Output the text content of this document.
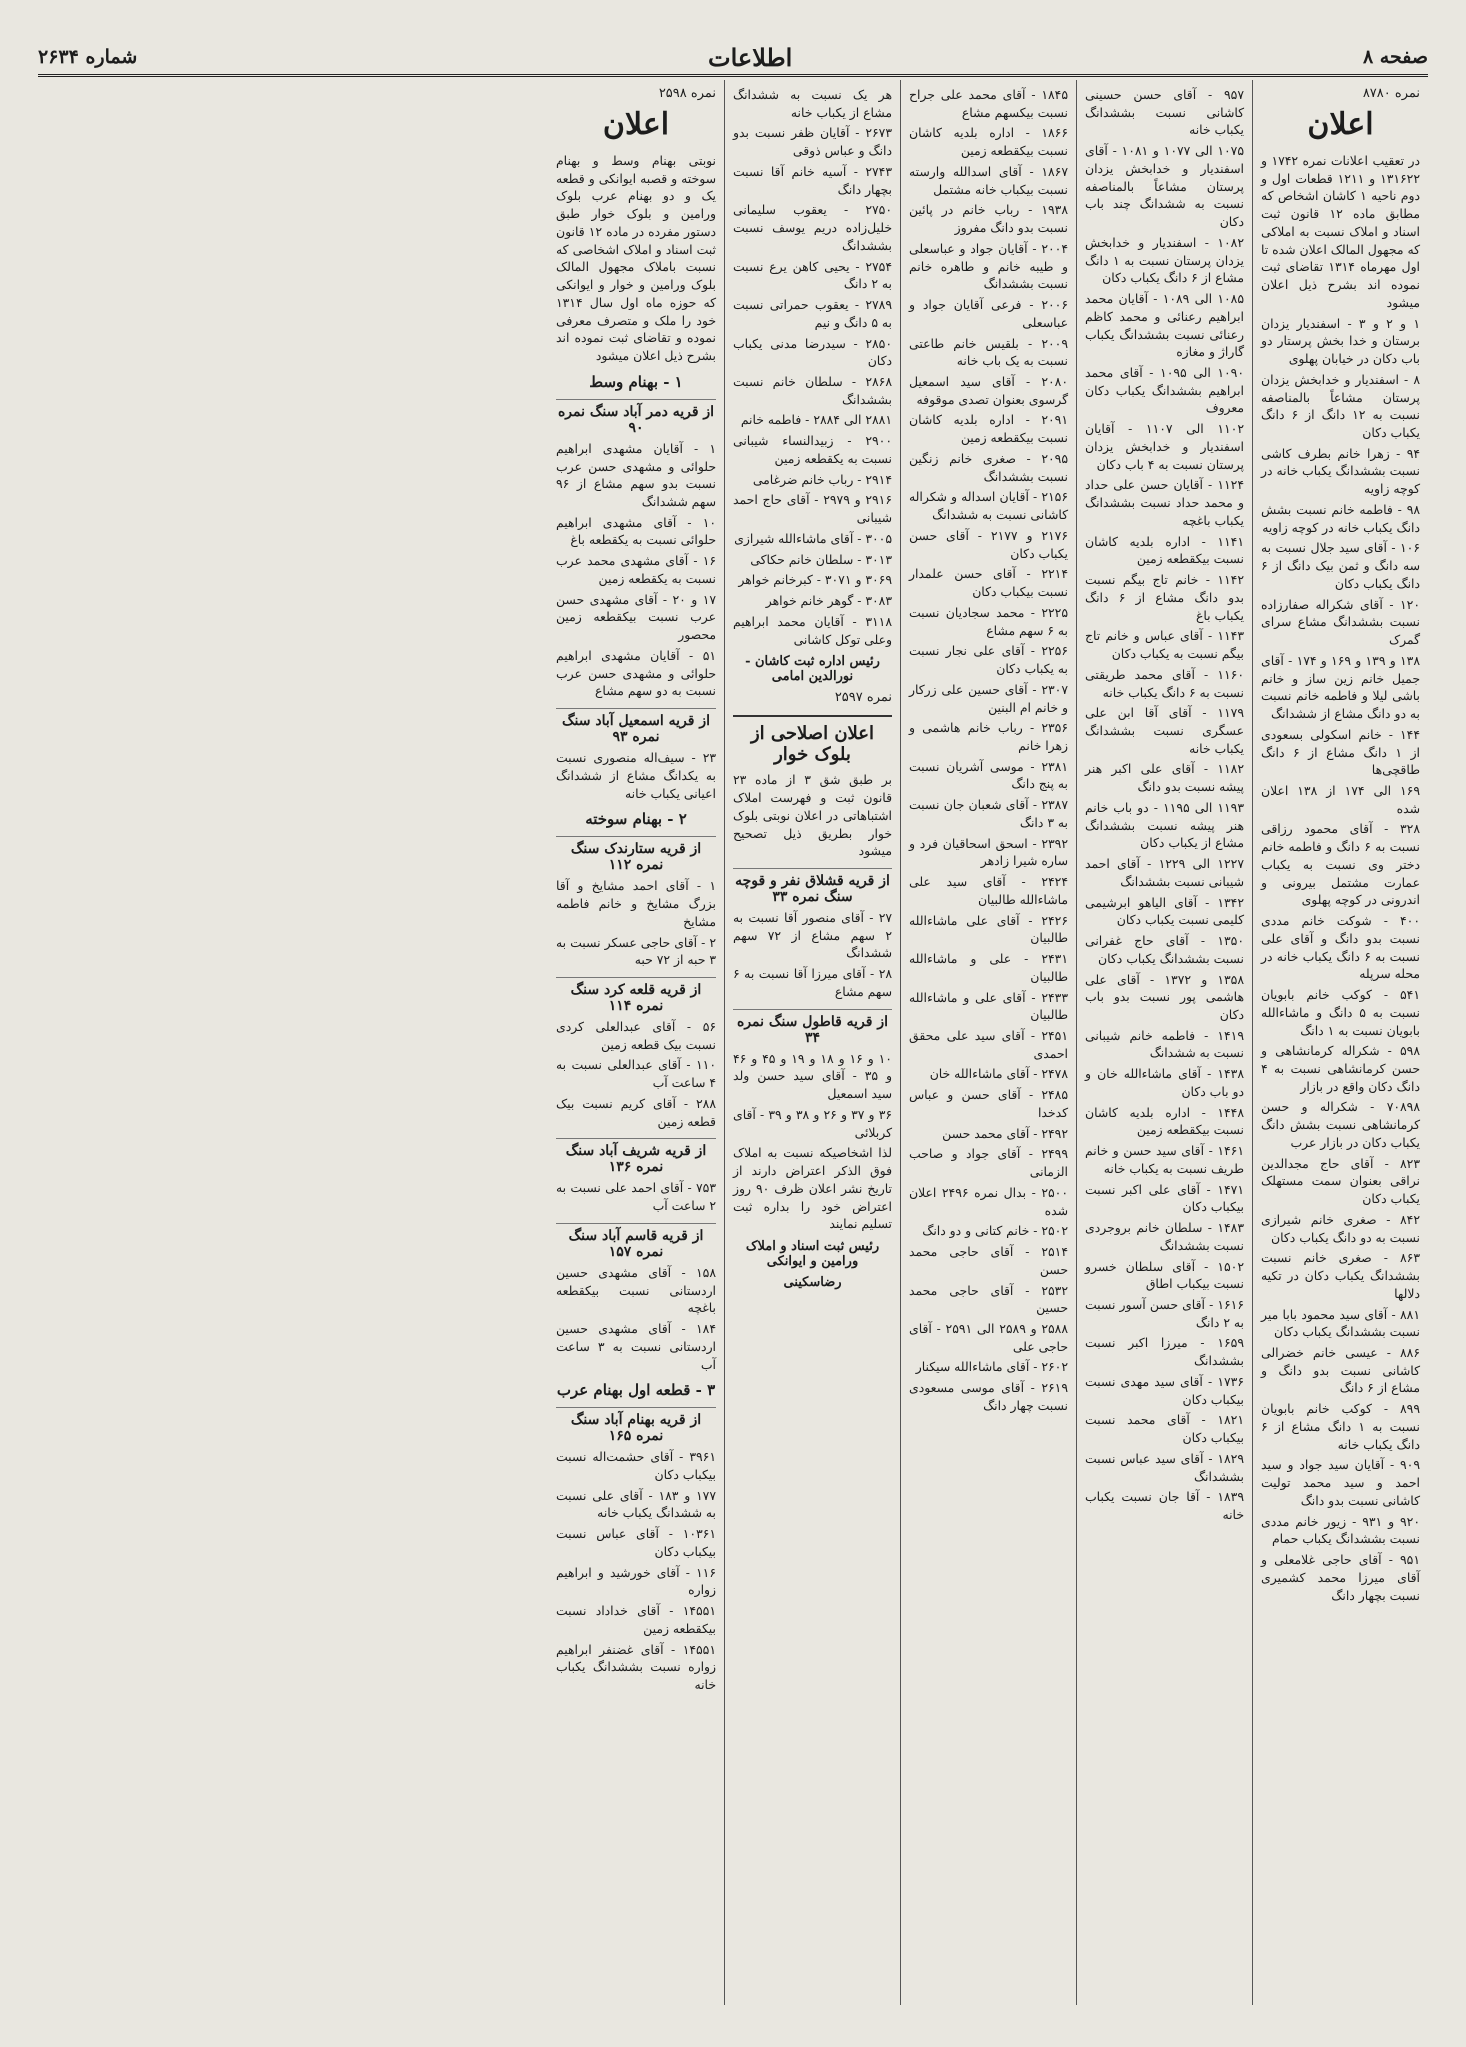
صفحه ۸
اطلاعات
شماره ۲۶۳۴
نمره ۸۷۸۰
اعلان

در تعقیب اعلانات نمره ۱۷۴۲ و ۱۳۱۶۲۲ و ۱۲۱۱ قطعات اول و دوم ناحیه ۱ کاشان اشخاص که مطابق ماده ۱۲ قانون ثبت اسناد و املاک نسبت به املاکی که مجهول المالک اعلان شده تا اول مهرماه ۱۳۱۴ تقاضای ثبت نموده اند بشرح ذیل اعلان میشود

۱ و ۲ و ۳ - اسفندیار یزدان برستان و خدا بخش پرستار دو باب دکان در خیابان پهلوی

۸ - اسفندیار و خدابخش یزدان پرستان مشاعاً بالمناصفه نسبت به ۱۲ دانگ از ۶ دانگ یکباب دکان

۹۴ - زهرا خانم بطرف کاشی نسبت بششدانگ یکباب خانه در کوچه زاویه

۹۸ - فاطمه خانم نسبت بشش دانگ یکباب خانه در کوچه زاویه

۱۰۶ - آقای سید جلال نسبت به سه دانگ و ثمن بیک دانگ از ۶ دانگ یکباب دکان

۱۲۰ - آقای شکراله صفارزاده نسبت بششدانگ مشاع سرای گمرک

۱۳۸ و ۱۳۹ و ۱۶۹ و ۱۷۴ - آقای جمیل خانم زین ساز و خانم باشی لیلا و فاطمه خانم نسبت به دو دانگ مشاع از ششدانگ

۱۴۴ - خانم اسکولی بسعودی از ۱ دانگ مشاع از ۶ دانگ طاقچی‌ها

۱۶۹ الی ۱۷۴ از ۱۳۸ اعلان شده

۳۲۸ - آقای محمود رزاقی نسبت به ۶ دانگ و فاطمه خانم دختر وی نسبت به یکباب عمارت مشتمل بیرونی و اندرونی در کوچه پهلوی

۴۰۰ - شوکت خانم مددی نسبت بدو دانگ و آقای علی نسبت به ۶ دانگ یکباب خانه در محله سرپله

۵۴۱ - کوکب خانم بابویان نسبت به ۵ دانگ و ماشاءالله بابویان نسبت به ۱ دانگ

۵۹۸ - شکراله کرمانشاهی و حسن کرمانشاهی نسبت به ۴ دانگ دکان واقع در بازار

۷۰۸۹۸ - شکراله و حسن کرمانشاهی نسبت بشش دانگ یکباب دکان در بازار عرب

۸۲۳ - آقای حاج مجدالدین نراقی بعنوان سمت مستهلک یکباب دکان

۸۴۲ - صغری خانم شیرازی نسبت به دو دانگ یکباب دکان

۸۶۳ - صغری خانم نسبت بششدانگ یکباب دکان در تکیه دلالها

۸۸۱ - آقای سید محمود بابا میر نسبت بششدانگ یکباب دکان

۸۸۶ - عیسی خانم خضرالی کاشانی نسبت بدو دانگ و مشاع از ۶ دانگ

۸۹۹ - کوکب خانم بابویان نسبت به ۱ دانگ مشاع از ۶ دانگ یکباب خانه

۹۰۹ - آقایان سید جواد و سید احمد و سید محمد تولیت کاشانی نسبت بدو دانگ

۹۲۰ و ۹۳۱ - زیور خانم مددی نسبت بششدانگ یکباب حمام

۹۵۱ - آقای حاجی غلامعلی و آقای میرزا محمد کشمیری نسبت بچهار دانگ

۹۵۷ - آقای حسن حسینی کاشانی نسبت بششدانگ یکباب خانه

۱۰۷۵ الی ۱۰۷۷ و ۱۰۸۱ - آقای اسفندیار و خدابخش یزدان پرستان مشاعاً بالمناصفه نسبت به ششدانگ چند باب دکان

۱۰۸۲ - اسفندیار و خدابخش یزدان پرستان نسبت به ۱ دانگ مشاع از ۶ دانگ یکباب دکان

۱۰۸۵ الی ۱۰۸۹ - آقایان محمد ابراهیم رعنائی و محمد کاظم رعنائی نسبت بششدانگ یکباب گاراژ و مغازه

۱۰۹۰ الی ۱۰۹۵ - آقای محمد ابراهیم بششدانگ یکباب دکان معروف

۱۱۰۲ الی ۱۱۰۷ - آقایان اسفندیار و خدابخش یزدان پرستان نسبت به ۴ باب دکان

۱۱۲۴ - آقایان حسن علی حداد و محمد حداد نسبت بششدانگ یکباب باغچه

۱۱۴۱ - اداره بلدیه کاشان نسبت بیکقطعه زمین

۱۱۴۲ - خانم تاج بیگم نسبت بدو دانگ مشاع از ۶ دانگ یکباب باغ

۱۱۴۳ - آقای عباس و خانم تاج بیگم نسبت به یکباب دکان

۱۱۶۰ - آقای محمد طریقتی نسبت به ۶ دانگ یکباب خانه

۱۱۷۹ - آقای آقا ابن علی عسگری نسبت بششدانگ یکباب خانه

۱۱۸۲ - آقای علی اکبر هنر پیشه نسبت بدو دانگ

۱۱۹۳ الی ۱۱۹۵ - دو باب خانم هنر پیشه نسبت بششدانگ مشاع از یکباب دکان

۱۲۲۷ الی ۱۲۲۹ - آقای احمد شیبانی نسبت بششدانگ

۱۳۴۲ - آقای الیاهو ابرشیمی کلیمی نسبت یکباب دکان

۱۳۵۰ - آقای حاج غفرانی نسبت بششدانگ یکباب دکان

۱۳۵۸ و ۱۳۷۲ - آقای علی هاشمی پور نسبت بدو باب دکان

۱۴۱۹ - فاطمه خانم شیبانی نسبت به ششدانگ

۱۴۳۸ - آقای ماشاءالله خان و دو باب دکان

۱۴۴۸ - اداره بلدیه کاشان نسبت بیکقطعه زمین

۱۴۶۱ - آقای سید حسن و خانم طریف نسبت به یکباب خانه

۱۴۷۱ - آقای علی اکبر نسبت بیکباب دکان

۱۴۸۳ - سلطان خانم بروجردی نسبت بششدانگ

۱۵۰۲ - آقای سلطان خسرو نسبت بیکباب اطاق

۱۶۱۶ - آقای حسن آسور نسبت به ۲ دانگ

۱۶۵۹ - میرزا اکبر نسبت بششدانگ

۱۷۳۶ - آقای سید مهدی نسبت بیکباب دکان

۱۸۲۱ - آقای محمد نسبت بیکباب دکان

۱۸۲۹ - آقای سید عباس نسبت بششدانگ

۱۸۳۹ - آقا جان نسبت یکباب خانه

۱۸۴۵ - آقای محمد علی جراح نسبت بیکسهم مشاع

۱۸۶۶ - اداره بلدیه کاشان نسبت بیکقطعه زمین

۱۸۶۷ - آقای اسدالله وارسته نسبت بیکباب خانه مشتمل

۱۹۳۸ - رباب خانم در پائین نسبت بدو دانگ مفروز

۲۰۰۴ - آقایان جواد و عباسعلی و طیبه خانم و طاهره خانم نسبت بششدانگ

۲۰۰۶ - فرعی آقایان جواد و عباسعلی

۲۰۰۹ - بلقیس خانم طاعتی نسبت به یک باب خانه

۲۰۸۰ - آقای سید اسمعیل گرسوی بعنوان تصدی موقوفه

۲۰۹۱ - اداره بلدیه کاشان نسبت بیکقطعه زمین

۲۰۹۵ - صغری خانم زنگین نسبت بششدانگ

۲۱۵۶ - آقایان اسداله و شکراله کاشانی نسبت به ششدانگ

۲۱۷۶ و ۲۱۷۷ - آقای حسن یکباب دکان

۲۲۱۴ - آقای حسن علمدار نسبت بیکباب دکان

۲۲۲۵ - محمد سجادیان نسبت به ۶ سهم مشاع

۲۲۵۶ - آقای علی نجار نسبت به یکباب دکان

۲۳۰۷ - آقای حسین علی زرکار و خانم ام البنین

۲۳۵۶ - رباب خانم هاشمی و زهرا خانم

۲۳۸۱ - موسی آشریان نسبت به پنج دانگ

۲۳۸۷ - آقای شعبان جان نسبت به ۳ دانگ

۲۳۹۲ - اسحق اسحاقیان فرد و ساره شیرا زادهر

۲۴۲۴ - آقای سید علی ماشاءالله طالبیان

۲۴۲۶ - آقای علی ماشاءالله طالبیان

۲۴۳۱ - علی و ماشاءالله طالبیان

۲۴۳۳ - آقای علی و ماشاءالله طالبیان

۲۴۵۱ - آقای سید علی محقق احمدی

۲۴۷۸ - آقای ماشاءالله خان

۲۴۸۵ - آقای حسن و عباس کدخدا

۲۴۹۲ - آقای محمد حسن

۲۴۹۹ - آقای جواد و صاحب الزمانی

۲۵۰۰ - بدال نمره ۲۴۹۶ اعلان شده

۲۵۰۲ - خانم کتانی و دو دانگ

۲۵۱۴ - آقای حاجی محمد حسن

۲۵۳۲ - آقای حاجی محمد حسین

۲۵۸۸ و ۲۵۸۹ الی ۲۵۹۱ - آقای حاجی علی

۲۶۰۲ - آقای ماشاءالله سیکنار

۲۶۱۹ - آقای موسی مسعودی نسبت چهار دانگ

هر یک نسبت به ششدانگ مشاع از یکباب خانه

۲۶۷۳ - آقایان ظفر نسبت بدو دانگ و عباس ذوقی

۲۷۴۳ - آسیه خانم آقا نسبت بچهار دانگ

۲۷۵۰ - یعقوب سلیمانی خلیل‌زاده دریم یوسف نسبت بششدانگ

۲۷۵۴ - یحیی کاهن یرع نسبت به ۲ دانگ

۲۷۸۹ - یعقوب حمراتی نسبت به ۵ دانگ و نیم

۲۸۵۰ - سیدرضا مدنی یکباب دکان

۲۸۶۸ - سلطان خانم نسبت بششدانگ

۲۸۸۱ الی ۲۸۸۴ - فاطمه خانم

۲۹۰۰ - زبیدالنساء شیبانی نسبت به یکقطعه زمین

۲۹۱۴ - رباب خانم ضرغامی

۲۹۱۶ و ۲۹۷۹ - آقای حاج احمد شیبانی

۳۰۰۵ - آقای ماشاءالله شیرازی

۳۰۱۳ - سلطان خانم حکاکی

۳۰۶۹ و ۳۰۷۱ - کبرخانم خواهر

۳۰۸۳ - گوهر خانم خواهر

۳۱۱۸ - آقایان محمد ابراهیم وعلی توکل کاشانی

رئیس اداره ثبت کاشان - نورالدین امامی
نمره ۲۵۹۷
اعلان اصلاحی از بلوک خوار

بر طبق شق ۳ از ماده ۲۳ قانون ثبت و فهرست املاک اشتباهاتی در اعلان نوبتی بلوک خوار بطریق ذیل تصحیح میشود

از قریه قشلاق نفر و قوچه سنگ نمره ۳۳

۲۷ - آقای منصور آقا نسبت به ۲ سهم مشاع از ۷۲ سهم ششدانگ

۲۸ - آقای میرزا آقا نسبت به ۶ سهم مشاع

از قریه قاطول سنگ نمره ۳۴

۱۰ و ۱۶ و ۱۸ و ۱۹ و ۴۵ و ۴۶ و ۳۵ - آقای سید حسن ولد سید اسمعیل

۳۶ و ۳۷ و ۲۶ و ۳۸ و ۳۹ - آقای کربلائی

لذا اشخاصیکه نسبت به املاک فوق الذکر اعتراض دارند از تاریخ نشر اعلان ظرف ۹۰ روز اعتراض خود را بداره ثبت تسلیم نمایند

رئیس ثبت اسناد و املاک ورامین و ایوانکی
رضاسکینی
نمره ۲۵۹۸
اعلان

نوبتی بهنام وسط و بهنام سوخته و قصبه ایوانکی و قطعه یک و دو بهنام عرب بلوک ورامین و بلوک خوار طبق دستور مفرده در ماده ۱۲ قانون ثبت اسناد و املاک اشخاصی که نسبت باملاک مجهول المالک بلوک ورامین و خوار و ایوانکی که حوزه ماه اول سال ۱۳۱۴ خود را ملک و متصرف معرفی نموده و تقاضای ثبت نموده اند بشرح ذیل اعلان میشود

۱ - بهنام وسط
از قریه دمر آباد سنگ نمره ۹۰

۱ - آقایان مشهدی ابراهیم حلوائی و مشهدی حسن عرب نسبت بدو سهم مشاع از ۹۶ سهم ششدانگ

۱۰ - آقای مشهدی ابراهیم حلوائی نسبت به یکقطعه باغ

۱۶ - آقای مشهدی محمد عرب نسبت به یکقطعه زمین

۱۷ و ۲۰ - آقای مشهدی حسن عرب نسبت بیکقطعه زمین محصور

۵۱ - آقایان مشهدی ابراهیم حلوائی و مشهدی حسن عرب نسبت به دو سهم مشاع

از قریه اسمعیل آباد سنگ نمره ۹۳

۲۳ - سیف‌اله منصوری نسبت به یکدانگ مشاع از ششدانگ اعیانی یکباب خانه

۲ - بهنام سوخته
از قریه ستارندک سنگ نمره ۱۱۲

۱ - آقای احمد مشایخ و آقا بزرگ مشایخ و خانم فاطمه مشایخ

۲ - آقای حاجی عسکر نسبت به ۳ حبه از ۷۲ حبه

از قریه قلعه کرد سنگ نمره ۱۱۴

۵۶ - آقای عبدالعلی کردی نسبت بیک قطعه زمین

۱۱۰ - آقای عبدالعلی نسبت به ۴ ساعت آب

۲۸۸ - آقای کریم نسبت بیک قطعه زمین

از قریه شریف آباد سنگ نمره ۱۳۶

۷۵۳ - آقای احمد علی نسبت به ۲ ساعت آب

از قریه قاسم آباد سنگ نمره ۱۵۷

۱۵۸ - آقای مشهدی حسین اردستانی نسبت بیکقطعه باغچه

۱۸۴ - آقای مشهدی حسین اردستانی نسبت به ۳ ساعت آب

۳ - قطعه اول بهنام عرب
از قریه بهنام آباد سنگ نمره ۱۶۵

۳۹۶۱ - آقای حشمت‌اله نسبت بیکباب دکان

۱۷۷ و ۱۸۳ - آقای علی نسبت به ششدانگ یکباب خانه

۱۰۳۶۱ - آقای عباس نسبت بیکباب دکان

۱۱۶ - آقای خورشید و ابراهیم زواره

۱۴۵۵۱ - آقای خداداد نسبت بیکقطعه زمین

۱۴۵۵۱ - آقای غضنفر ابراهیم زواره نسبت بششدانگ یکباب خانه
